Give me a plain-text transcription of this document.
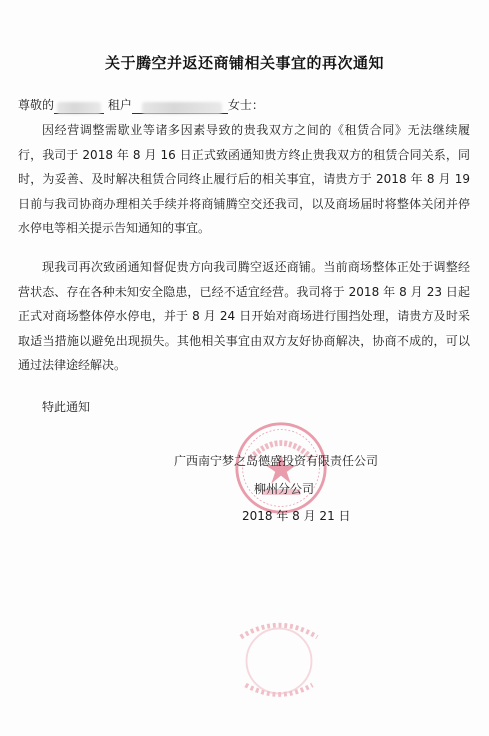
关于腾空并返还商铺相关事宜的再次通知
尊敬的	租户	女士：
因经营调整需歇业等诸多因素导致的贵我双方之间的《租赁合同》无法继续履行，我司于 2018 年 8 月 16 日正式致函通知贵方终止贵我双方的租赁合同关系，同时，为妥善、及时解决租赁合同终止履行后的相关事宜，请贵方于 2018 年 8 月 19 日前与我司协商办理相关手续并将商铺腾空交还我司，以及商场届时将整体关闭并停水停电等相关提示告知通知的事宜。
现我司再次致函通知督促贵方向我司腾空返还商铺。当前商场整体正处于调整经营状态、存在各种未知安全隐患，已经不适宜经营。我司将于 2018 年 8 月 23 日起正式对商场整体停水停电，并于 8 月 24 日开始对商场进行围挡处理，请贵方及时采取适当措施以避免出现损失。其他相关事宜由双方友好协商解决，协商不成的，可以通过法律途经解决。
特此通知
广西南宁梦之岛德盛投资有限责任公司
柳州分公司
2018 年 8 月 21 日
